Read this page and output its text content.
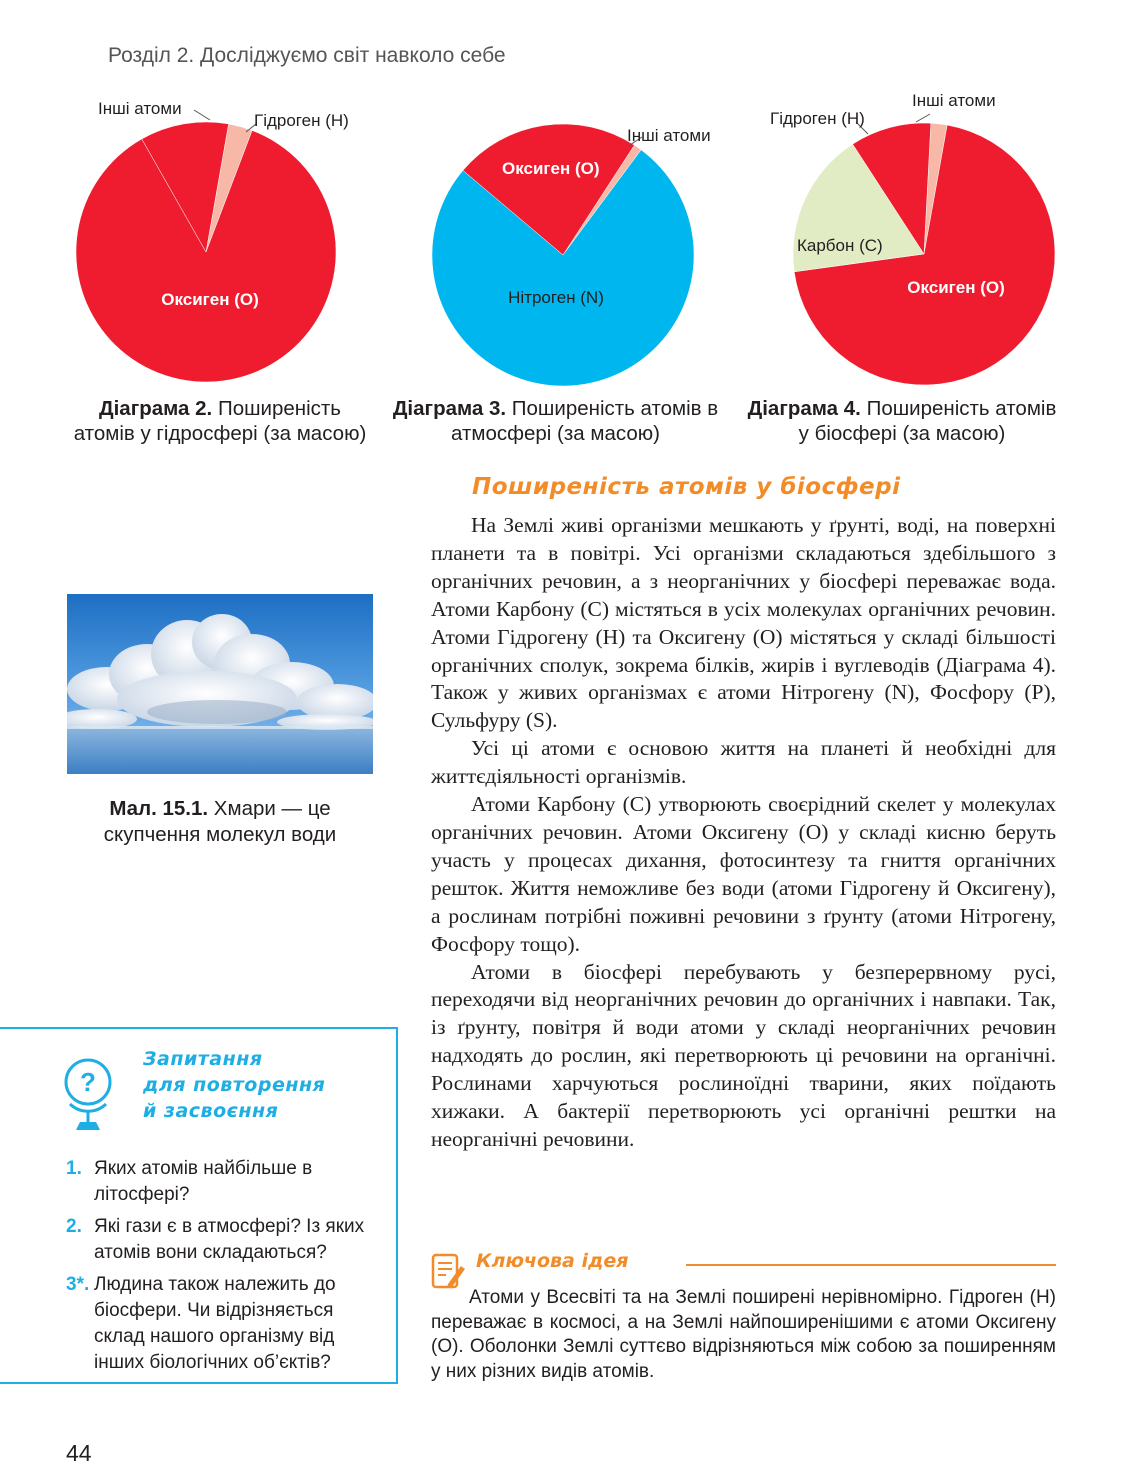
Розділ 2. Досліджуємо світ навколо себе
Інші атоми
Гідроген (H)
Оксиген (O)
Інші атоми
Оксиген (O)
Нітроген (N)
Гідроген (H)
Інші атоми
Карбон (C)
Оксиген (O)
Діаграма 2. Поширеність атомів у гідросфері (за масою)
Діаграма 3. Поширеність атомів в атмосфері (за масою)
Діаграма 4. Поширеність атомів у біосфері (за масою)
Поширеність атомів у біосфері

На Землі живі організми мешкають у ґрунті, воді, на поверхні планети та в повітрі. Усі організми складаються здебільшого з органічних речовин, а з неорганічних у біосфері переважає вода. Атоми Карбону (C) містяться в усіх молекулах органічних речовин. Атоми Гідрогену (H) та Оксигену (O) містяться у складі більшості органічних сполук, зокрема білків, жирів і вуглеводів (Діаграма 4). Також у живих організмах є атоми Нітрогену (N), Фосфору (P), Сульфуру (S).

Усі ці атоми є основою життя на планеті й необхідні для життєдіяльності організмів.

Атоми Карбону (C) утворюють своєрідний скелет у молекулах органічних речовин. Атоми Оксигену (O) у складі кисню беруть участь у процесах дихання, фотосинтезу та гниття органічних решток. Життя неможливе без води (атоми Гідрогену й Оксигену), а рослинам потрібні поживні речовини з ґрунту (атоми Нітрогену, Фосфору тощо).

Атоми в біосфері перебувають у безперервному русі, переходячи від неорганічних речовин до органічних і навпаки. Так, із ґрунту, повітря й води атоми у складі неорганічних речовин надходять до рослин, які перетворюють ці речовини на органічні. Рослинами харчуються рослиноїдні тварини, яких поїдають хижаки. А бактерії перетворюють усі органічні рештки на неорганічні речовини.

Мал. 15.1. Хмари — це скупчення молекул води
?
Запитання
для повторення
й засвоєння
1. Яких атомів найбільше в літосфері?
2. Які гази є в атмосфері? Із яких атомів вони складаються?
3*. Людина також належить до біосфери. Чи відрізняється склад нашого організму від інших біологічних об’єктів?
Ключова ідея

Атоми у Всесвіті та на Землі поширені нерівномірно. Гідроген (H) переважає в космосі, а на Землі найпоширенішими є атоми Оксигену (O). Оболонки Землі суттєво відрізняються між собою за поширенням у них різних видів атомів.

44
